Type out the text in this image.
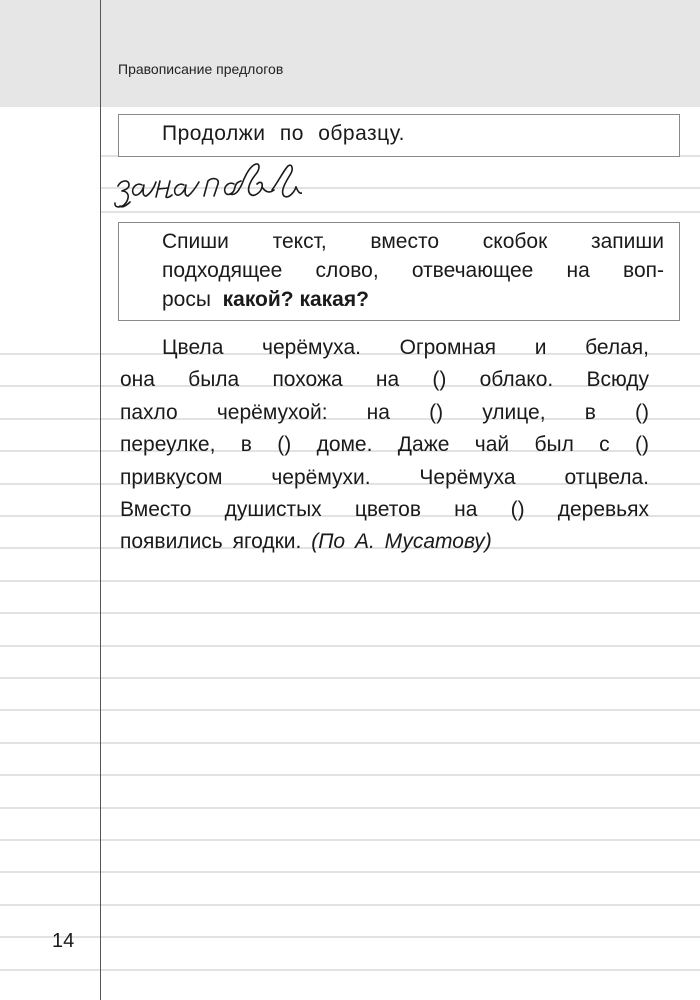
Правописание предлогов
Продолжи по образцу.
Спиши текст, вместо скобок запиши
подходящее слово, отвечающее на воп-
росы какой? какая?
Цвела черёмуха. Огромная и белая,
она была похожа на () облако. Всюду
пахло черёмухой: на () улице, в ()
переулке, в () доме. Даже чай был с ()
привкусом черёмухи. Черёмуха отцвела.
Вместо душистых цветов на () деревьях
появились ягодки. (По А. Мусатову)
14
